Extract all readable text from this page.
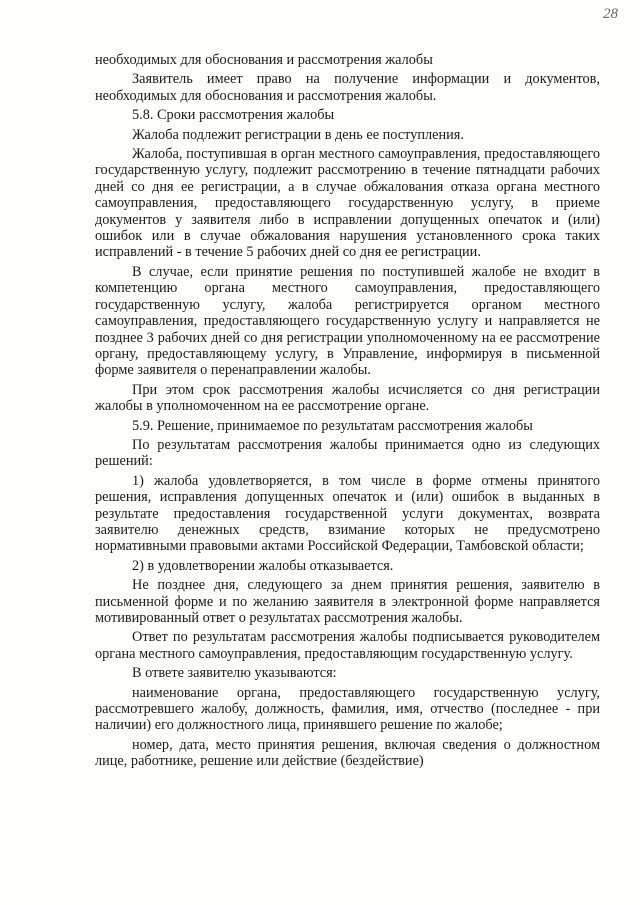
28

необходимых для обоснования и рассмотрения жалобы

Заявитель имеет право на получение информации и документов, необходимых для обоснования и рассмотрения жалобы.

5.8. Сроки рассмотрения жалобы

Жалоба подлежит регистрации в день ее поступления.

Жалоба, поступившая в орган местного самоуправления, предоставляющего государственную услугу, подлежит рассмотрению в течение пятнадцати рабочих дней со дня ее регистрации, а в случае обжалования отказа органа местного самоуправления, предоставляющего государственную услугу, в приеме документов у заявителя либо в исправлении допущенных опечаток и (или) ошибок или в случае обжалования нарушения установленного срока таких исправлений - в течение 5 рабочих дней со дня ее регистрации.

В случае, если принятие решения по поступившей жалобе не входит в компетенцию органа местного самоуправления, предоставляющего государственную услугу, жалоба регистрируется органом местного самоуправления, предоставляющего государственную услугу и направляется не позднее 3 рабочих дней со дня регистрации уполномоченному на ее рассмотрение органу, предоставляющему услугу, в Управление, информируя в письменной форме заявителя о перенаправлении жалобы.

При этом срок рассмотрения жалобы исчисляется со дня регистрации жалобы в уполномоченном на ее рассмотрение органе.

5.9. Решение, принимаемое по результатам рассмотрения жалобы

По результатам рассмотрения жалобы принимается одно из следующих решений:

1) жалоба удовлетворяется, в том числе в форме отмены принятого решения, исправления допущенных опечаток и (или) ошибок в выданных в результате предоставления государственной услуги документах, возврата заявителю денежных средств, взимание которых не предусмотрено нормативными правовыми актами Российской Федерации, Тамбовской области;

2) в удовлетворении жалобы отказывается.

Не позднее дня, следующего за днем принятия решения, заявителю в письменной форме и по желанию заявителя в электронной форме направляется мотивированный ответ о результатах рассмотрения жалобы.

Ответ по результатам рассмотрения жалобы подписывается руководителем органа местного самоуправления, предоставляющим государственную услугу.

В ответе заявителю указываются:

наименование органа, предоставляющего государственную услугу, рассмотревшего жалобу, должность, фамилия, имя, отчество (последнее - при наличии) его должностного лица, принявшего решение по жалобе;

номер, дата, место принятия решения, включая сведения о должностном лице, работнике, решение или действие (бездействие)
